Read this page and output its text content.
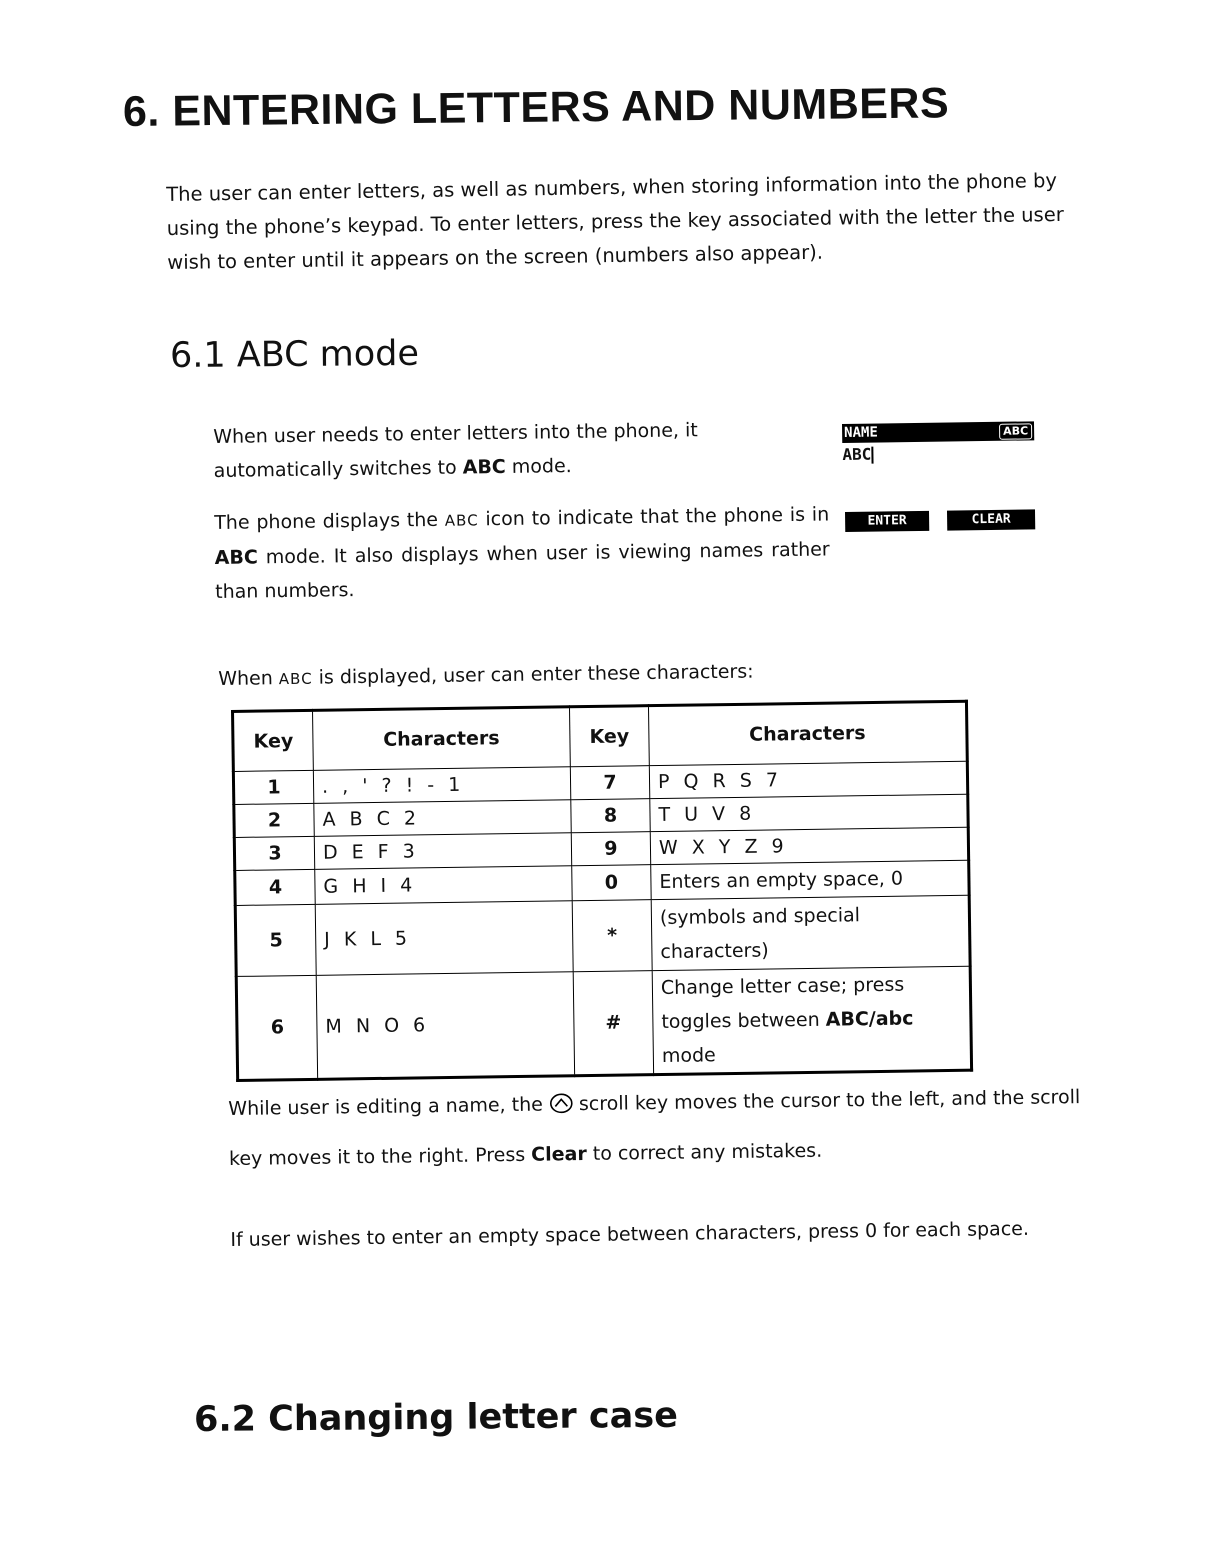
6. ENTERING LETTERS AND NUMBERS

The user can enter letters, as well as numbers, when storing information into the phone by using the phone’s keypad. To enter letters, press the key associated with the letter the user wish to enter until it appears on the screen (numbers also appear).

6.1 ABC mode

When user needs to enter letters into the phone, it automatically switches to ABC mode.

NAME	ABC
ABC

The phone displays the ABC icon to indicate that the phone is in ABC mode. It also displays when user is viewing names rather than numbers.

ENTER	CLEAR

When ABC is displayed, user can enter these characters:

Key	Characters	Key	Characters
1	. , ' ? ! - 1	7	P Q R S 7
2	A B C 2	8	T U V 8
3	D E F 3	9	W X Y Z 9
4	G H I 4	0	Enters an empty space, 0
5	J K L 5	*	(symbols and special characters)
6	M N O 6	#	Change letter case; press toggles between ABC/abc mode

While user is editing a name, the  scroll key moves the cursor to the left, and the scroll key moves it to the right. Press Clear to correct any mistakes.

If user wishes to enter an empty space between characters, press 0 for each space.

6.2 Changing letter case
